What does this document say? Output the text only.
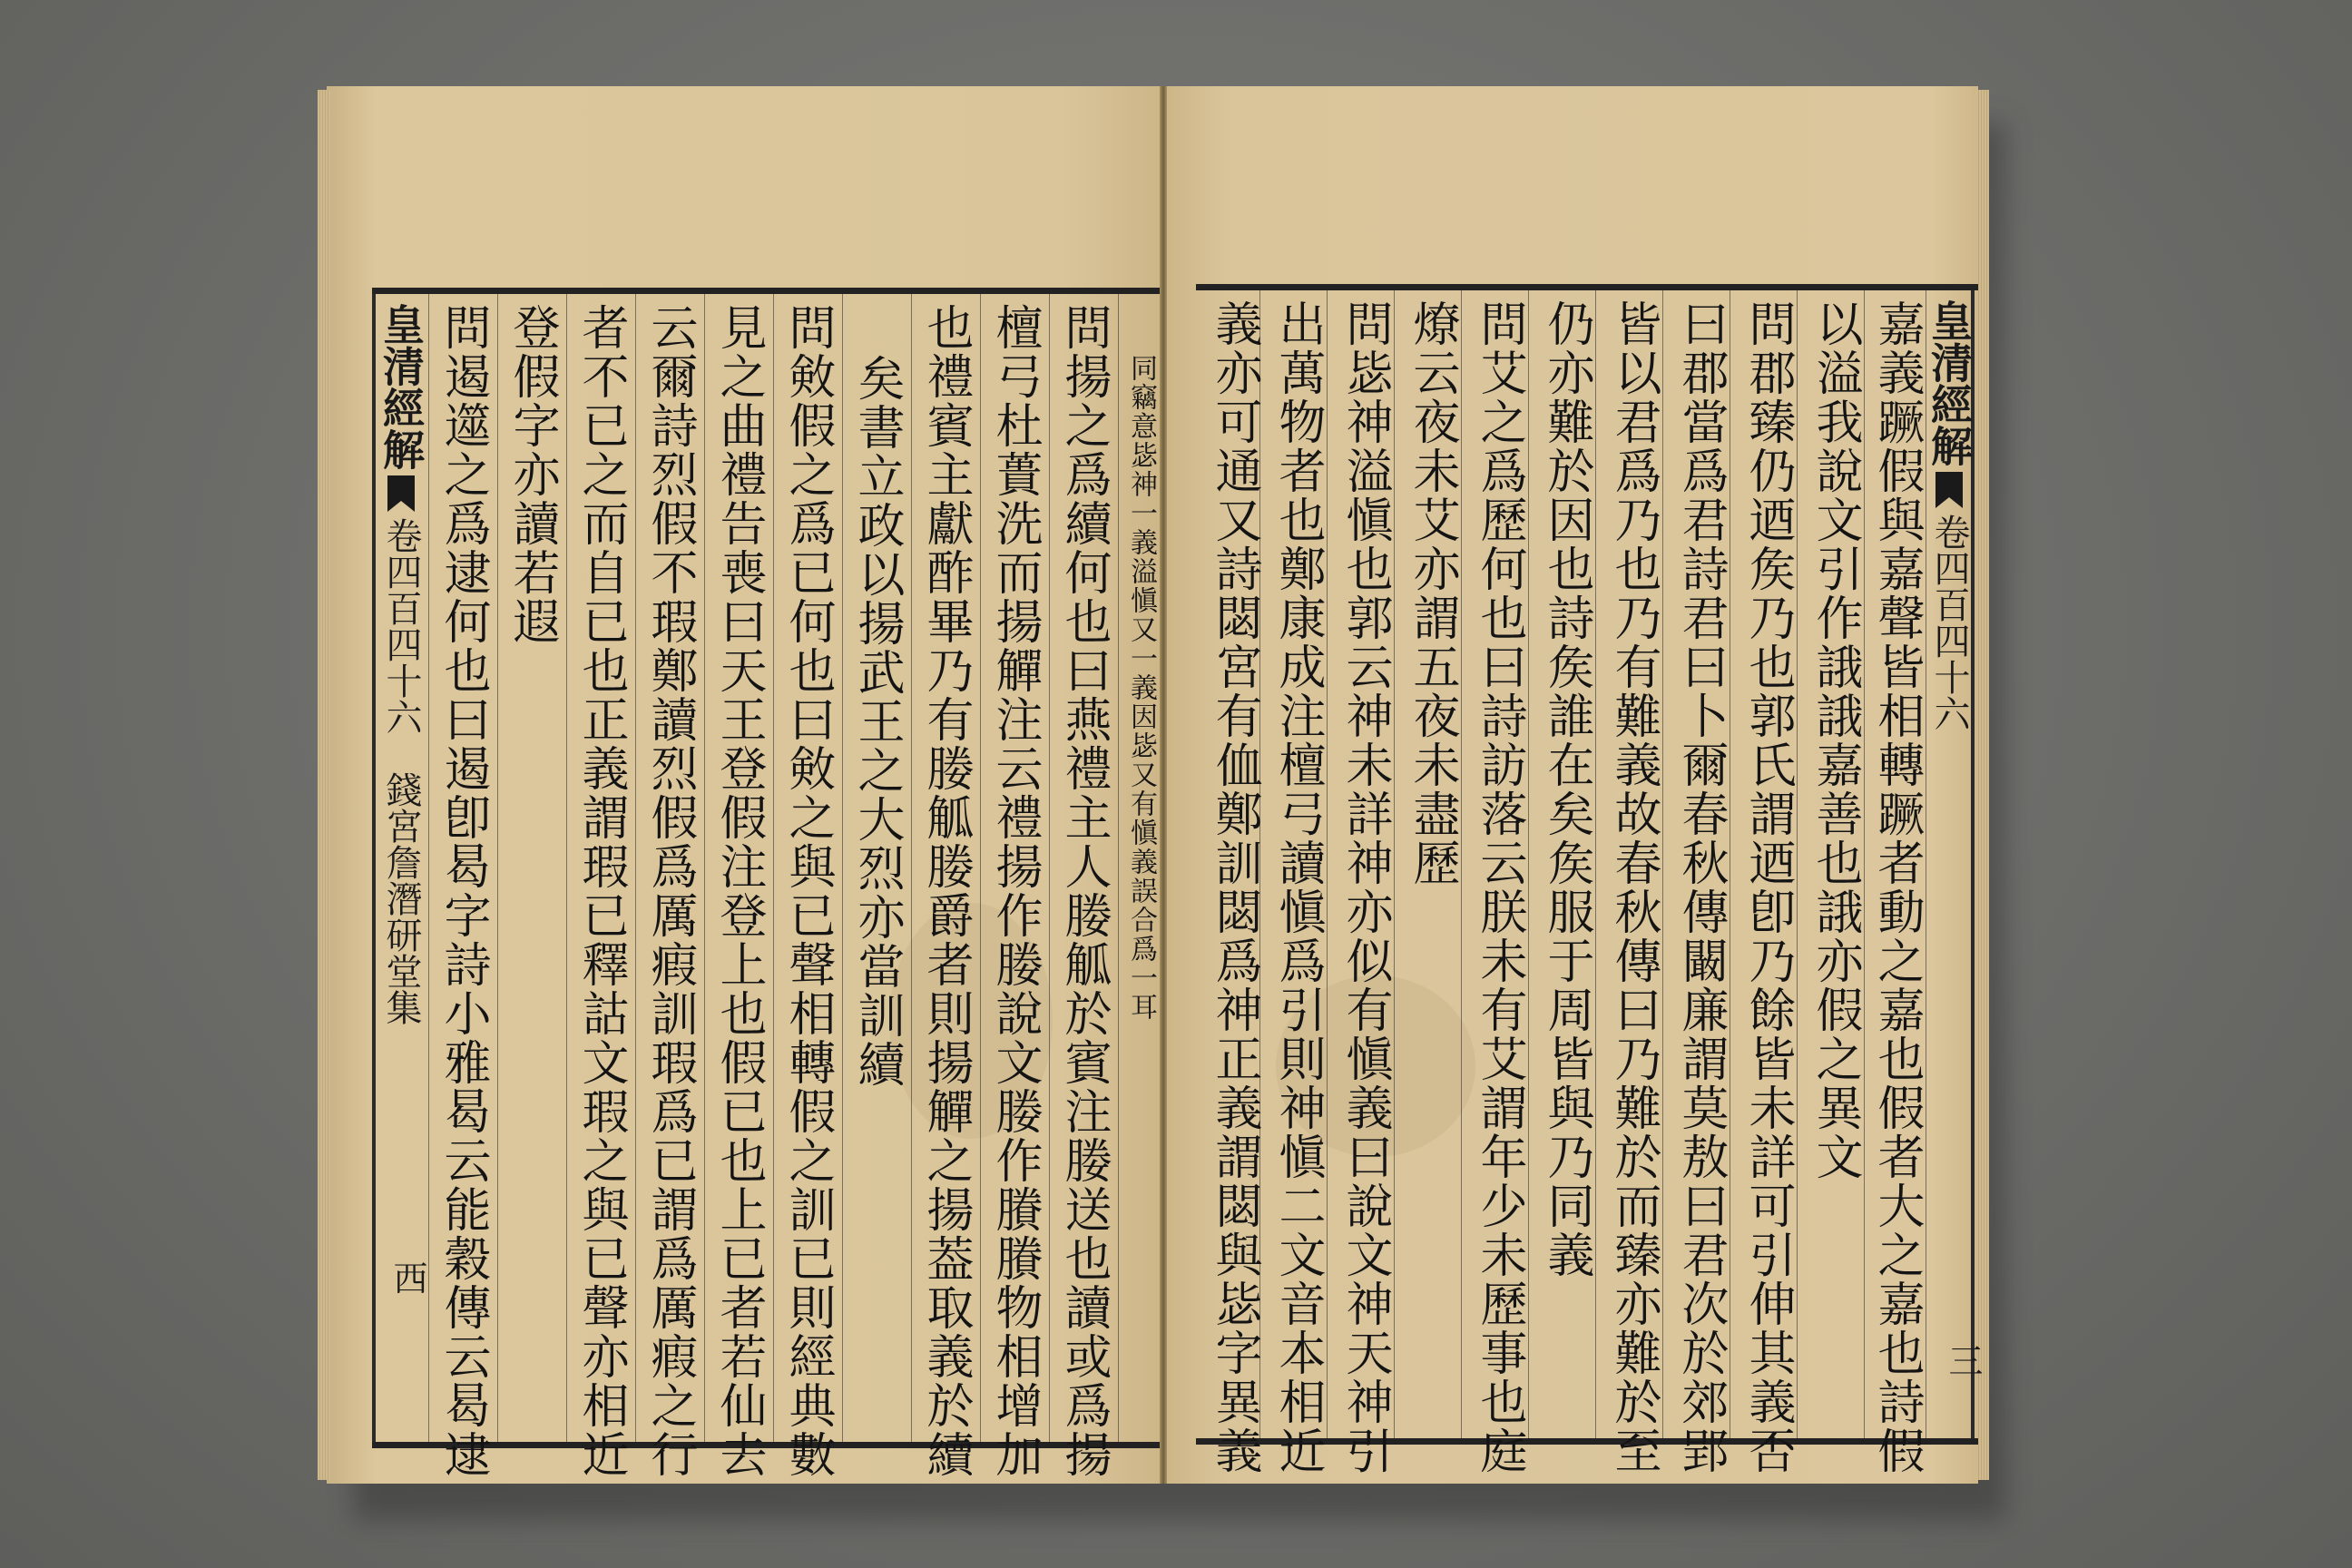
皇清經解卷四百四十六　錢宮詹潛研堂集
西 問遏遾之爲逮何也曰遏卽曷字詩小雅曷云能穀傳云曷逮 登假字亦讀若遐 者不已之而自已也正義謂瑕已釋詁文瑕之與已聲亦相近 云爾詩烈假不瑕鄭讀烈假爲厲瘕訓瑕爲已謂爲厲瘕之行 見之曲禮告喪曰天王登假注登上也假已也上已者若仙去 問㪘假之爲已何也曰㪘之與已聲相轉假之訓已則經典數 矣書立政以揚武王之大烈亦當訓續 也禮賓主獻酢畢乃有媵觚媵爵者則揚觶之揚葢取義於續 檀弓杜蕢洗而揚觶注云禮揚作媵說文媵作賸賸物相增加 問揚之爲續何也曰燕禮主人媵觚於賓注媵送也讀或爲揚 同竊意毖神一義溢愼又一義因毖又有愼義誤合爲一耳	嘉義蹶假與嘉聲皆相轉蹶者動之嘉也假者大之嘉也詩假
以溢我說文引作誐誐嘉善也誐亦假之異文
問郡臻仍迺矦乃也郭氏謂迺卽乃餘皆未詳可引伸其義否
曰郡當爲君詩君曰卜爾春秋傳闞廉謂莫敖曰君次於郊郢
皆以君爲乃也乃有難義故春秋傳曰乃難於而臻亦難於至
仍亦難於因也詩矦誰在矣矦服于周皆與乃同義
問艾之爲歷何也曰詩訪落云朕未有艾謂年少未歷事也庭
燎云夜未艾亦謂五夜未盡歷
問毖神溢愼也郭云神未詳神亦似有愼義曰說文神天神引
出萬物者也鄭康成注檀弓讀愼爲引則神愼二文音本相近
義亦可通又詩閟宮有侐鄭訓閟爲神正義謂閟與毖字異義	皇清經解卷四百四十六
三
